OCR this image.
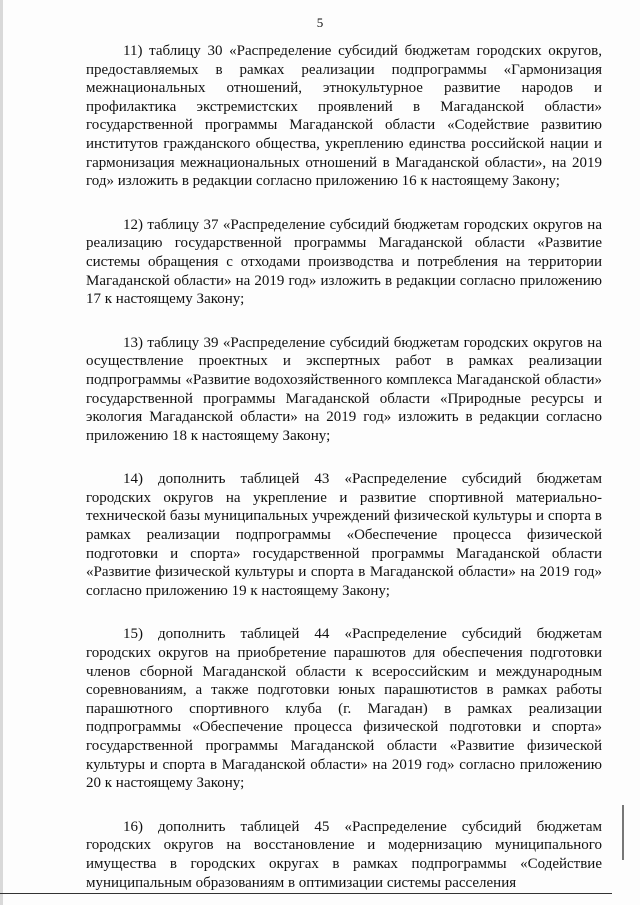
5

11) таблицу 30 «Распределение субсидий бюджетам городских округов, предоставляемых в рамках реализации подпрограммы «Гармонизация межнациональных отношений, этнокультурное развитие народов и профилактика экстремистских проявлений в Магаданской области» государственной программы Магаданской области «Содействие развитию институтов гражданского общества, укреплению единства российской нации и гармонизация межнациональных отношений в Магаданской области», на 2019 год» изложить в редакции согласно приложению 16 к настоящему Закону;

12) таблицу 37 «Распределение субсидий бюджетам городских округов на реализацию государственной программы Магаданской области «Развитие системы обращения с отходами производства и потребления на территории Магаданской области» на 2019 год» изложить в редакции согласно приложению 17 к настоящему Закону;

13) таблицу 39 «Распределение субсидий бюджетам городских округов на осуществление проектных и экспертных работ в рамках реализации подпрограммы «Развитие водохозяйственного комплекса Магаданской области» государственной программы Магаданской области «Природные ресурсы и экология Магаданской области» на 2019 год» изложить в редакции согласно приложению 18 к настоящему Закону;

14) дополнить таблицей 43 «Распределение субсидий бюджетам городских округов на укрепление и развитие спортивной материально-технической базы муниципальных учреждений физической культуры и спорта в рамках реализации подпрограммы «Обеспечение процесса физической подготовки и спорта» государственной программы Магаданской области «Развитие физической культуры и спорта в Магаданской области» на 2019 год» согласно приложению 19 к настоящему Закону;

15) дополнить таблицей 44 «Распределение субсидий бюджетам городских округов на приобретение парашютов для обеспечения подготовки членов сборной Магаданской области к всероссийским и международным соревнованиям, а также подготовки юных парашютистов в рамках работы парашютного спортивного клуба (г. Магадан) в рамках реализации подпрограммы «Обеспечение процесса физической подготовки и спорта» государственной программы Магаданской области «Развитие физической культуры и спорта в Магаданской области» на 2019 год» согласно приложению 20 к настоящему Закону;

16) дополнить таблицей 45 «Распределение субсидий бюджетам городских округов на восстановление и модернизацию муниципального имущества в городских округах в рамках подпрограммы «Содействие муниципальным образованиям в оптимизации системы расселения
